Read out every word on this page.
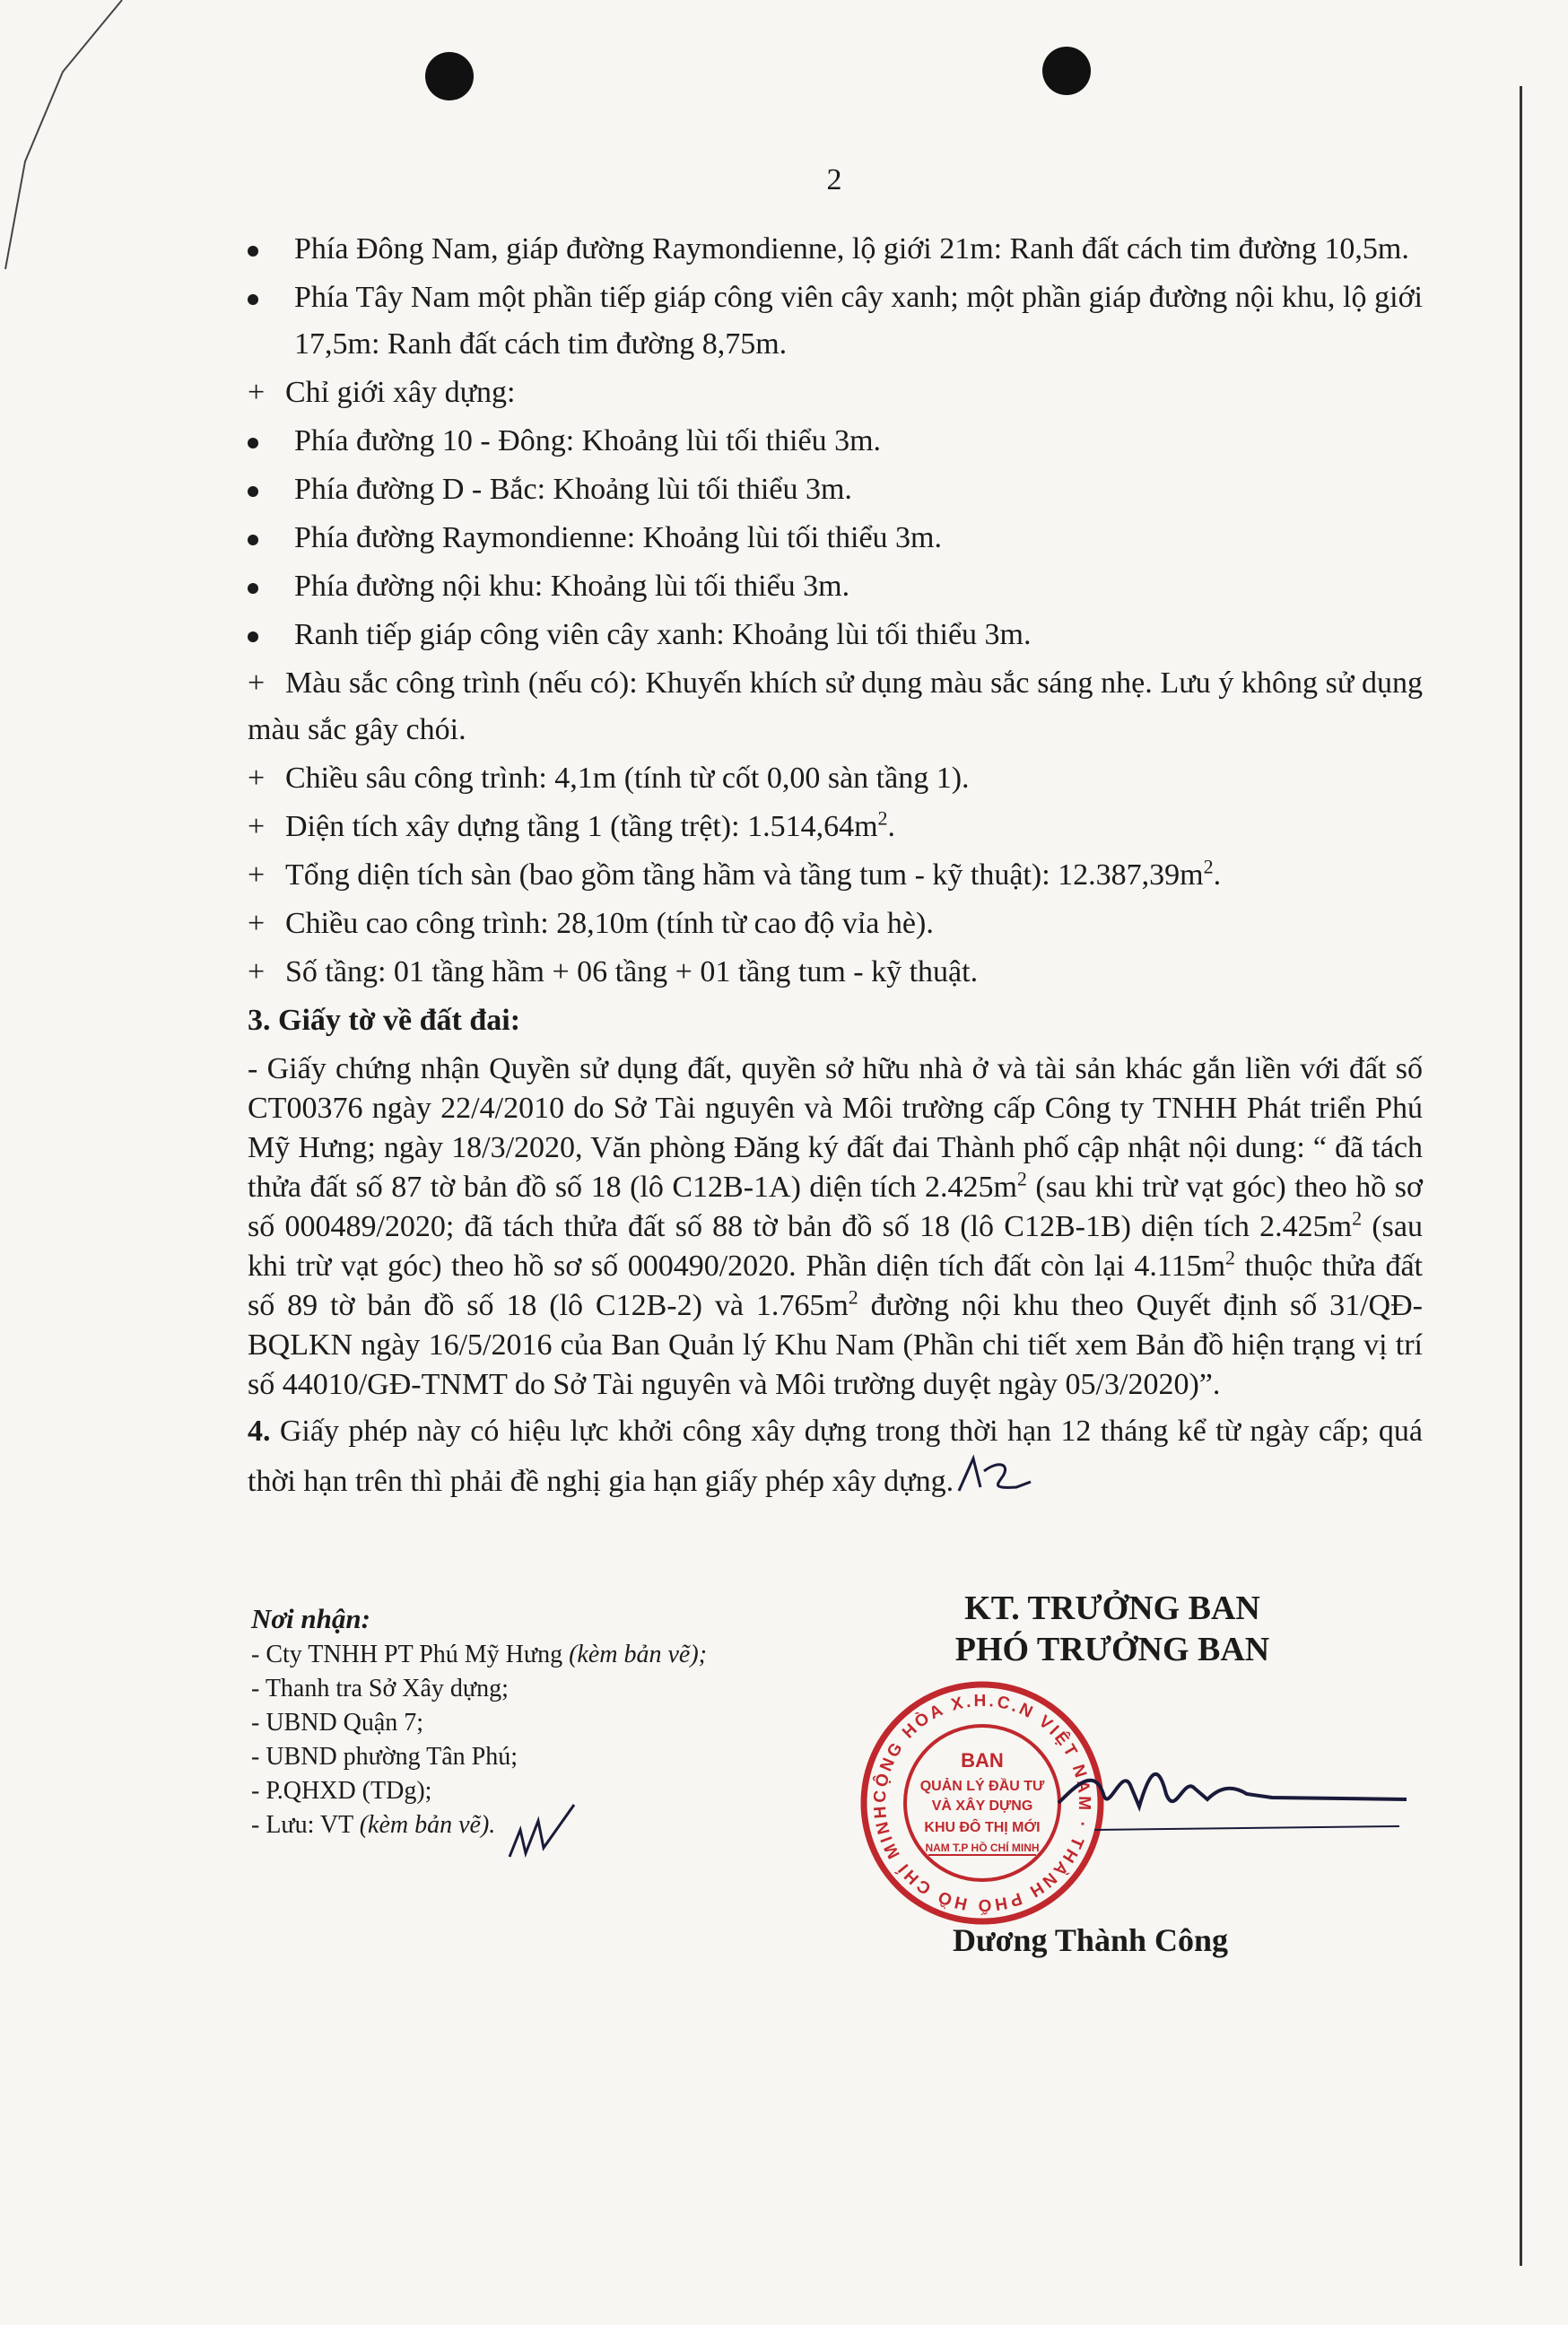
2

Phía Đông Nam, giáp đường Raymondienne, lộ giới 21m: Ranh đất cách tim đường 10,5m.

Phía Tây Nam một phần tiếp giáp công viên cây xanh; một phần giáp đường nội khu, lộ giới 17,5m: Ranh đất cách tim đường 8,75m.

+ Chỉ giới xây dựng:

Phía đường 10 - Đông: Khoảng lùi tối thiểu 3m.

Phía đường D - Bắc: Khoảng lùi tối thiểu 3m.

Phía đường Raymondienne: Khoảng lùi tối thiểu 3m.

Phía đường nội khu: Khoảng lùi tối thiểu 3m.

Ranh tiếp giáp công viên cây xanh: Khoảng lùi tối thiểu 3m.

+ Màu sắc công trình (nếu có): Khuyến khích sử dụng màu sắc sáng nhẹ. Lưu ý không sử dụng màu sắc gây chói.

+ Chiều sâu công trình: 4,1m (tính từ cốt 0,00 sàn tầng 1).

+ Diện tích xây dựng tầng 1 (tầng trệt): $1.514,64m^2$.

+ Tổng diện tích sàn (bao gồm tầng hầm và tầng tum - kỹ thuật): $12.387,39m^2$.

+ Chiều cao công trình: 28,10m (tính từ cao độ vỉa hè).

+ Số tầng: 01 tầng hầm + 06 tầng + 01 tầng tum - kỹ thuật.

3. Giấy tờ về đất đai:

- Giấy chứng nhận Quyền sử dụng đất, quyền sở hữu nhà ở và tài sản khác gắn liền với đất số CT00376 ngày 22/4/2010 do Sở Tài nguyên và Môi trường cấp Công ty TNHH Phát triển Phú Mỹ Hưng; ngày 18/3/2020, Văn phòng Đăng ký đất đai Thành phố cập nhật nội dung: “ đã tách thửa đất số 87 tờ bản đồ số 18 (lô C12B-1A) diện tích $2.425m^2$ (sau khi trừ vạt góc) theo hồ sơ số 000489/2020; đã tách thửa đất số 88 tờ bản đồ số 18 (lô C12B-1B) diện tích $2.425m^2$ (sau khi trừ vạt góc) theo hồ sơ số 000490/2020. Phần diện tích đất còn lại $4.115m^2$ thuộc thửa đất số 89 tờ bản đồ số 18 (lô C12B-2) và $1.765m^2$ đường nội khu theo Quyết định số 31/QĐ-BQLKN ngày 16/5/2016 của Ban Quản lý Khu Nam (Phần chi tiết xem Bản đồ hiện trạng vị trí số 44010/GĐ-TNMT do Sở Tài nguyên và Môi trường duyệt ngày 05/3/2020)”.

4. Giấy phép này có hiệu lực khởi công xây dựng trong thời hạn 12 tháng kể từ ngày cấp; quá thời hạn trên thì phải đề nghị gia hạn giấy phép xây dựng.

Nơi nhận:
- Cty TNHH PT Phú Mỹ Hưng (kèm bản vẽ);
- Thanh tra Sở Xây dựng;
- UBND Quận 7;
- UBND phường Tân Phú;
- P.QHXD (TDg);
- Lưu: VT (kèm bản vẽ).
KT. TRƯỞNG BAN
PHÓ TRƯỞNG BAN
CỘNG HÒA X.H.C.N VIỆT NAM · THÀNH PHỐ HỒ CHÍ MINH
BAN
QUẢN LÝ ĐẦU TƯ
VÀ XÂY DỰNG
KHU ĐÔ THỊ MỚI
NAM T.P HỒ CHÍ MINH
Dương Thành Công
